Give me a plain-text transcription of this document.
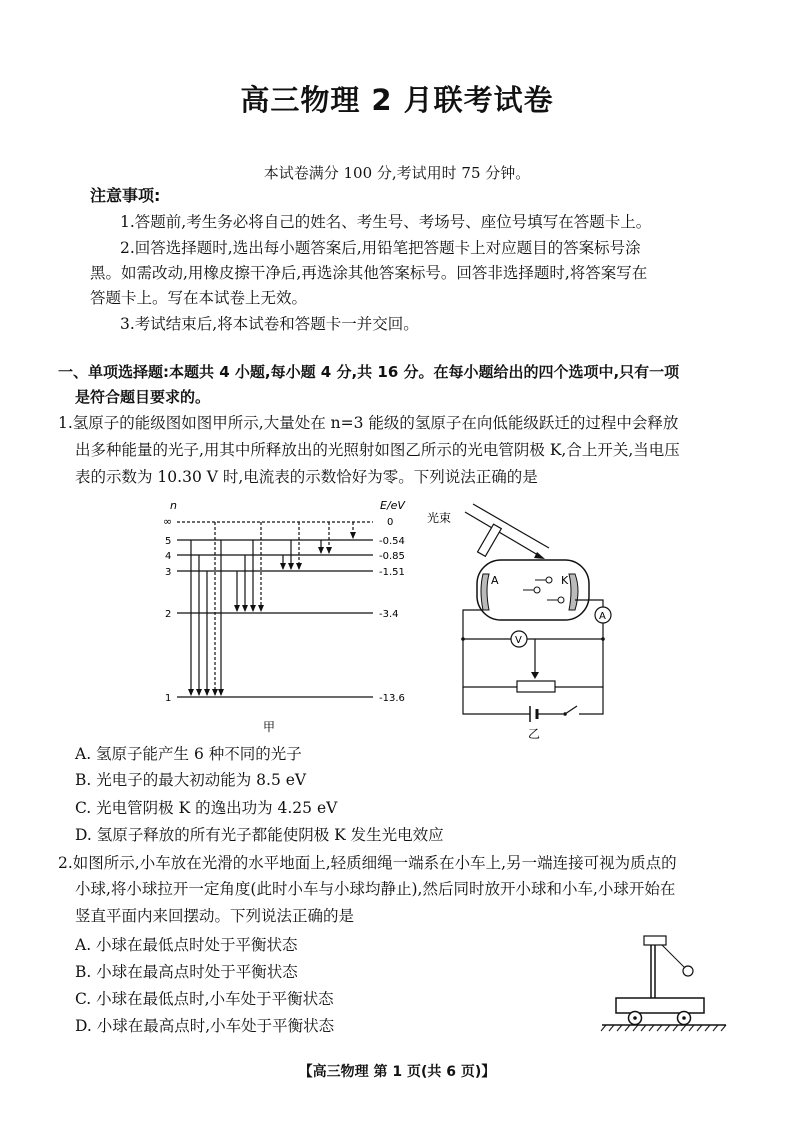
高三物理 2 月联考试卷
本试卷满分 100 分,考试用时 75 分钟。
注意事项:
1.答题前,考生务必将自己的姓名、考生号、考场号、座位号填写在答题卡上。
2.回答选择题时,选出每小题答案后,用铅笔把答题卡上对应题目的答案标号涂
黑。如需改动,用橡皮擦干净后,再选涂其他答案标号。回答非选择题时,将答案写在
答题卡上。写在本试卷上无效。
3.考试结束后,将本试卷和答题卡一并交回。
一、单项选择题:本题共 4 小题,每小题 4 分,共 16 分。在每小题给出的四个选项中,只有一项
是符合题目要求的。
1.氢原子的能级图如图甲所示,大量处在 n=3 能级的氢原子在向低能级跃迁的过程中会释放
出多种能量的光子,用其中所释放出的光照射如图乙所示的光电管阴极 K,合上开关,当电压
表的示数为 10.30 V 时,电流表的示数恰好为零。下列说法正确的是
n	E/eV
∞
5
4
3
2
1
0
-0.54
-0.85
-1.51
-3.4
-13.6
甲
光束
A	K
A
V
乙
A. 氢原子能产生 6 种不同的光子
B. 光电子的最大初动能为 8.5 eV
C. 光电管阴极 K 的逸出功为 4.25 eV
D. 氢原子释放的所有光子都能使阴极 K 发生光电效应
2.如图所示,小车放在光滑的水平地面上,轻质细绳一端系在小车上,另一端连接可视为质点的
小球,将小球拉开一定角度(此时小车与小球均静止),然后同时放开小球和小车,小球开始在
竖直平面内来回摆动。下列说法正确的是
A. 小球在最低点时处于平衡状态
B. 小球在最高点时处于平衡状态
C. 小球在最低点时,小车处于平衡状态
D. 小球在最高点时,小车处于平衡状态
【高三物理 第 1 页(共 6 页)】
